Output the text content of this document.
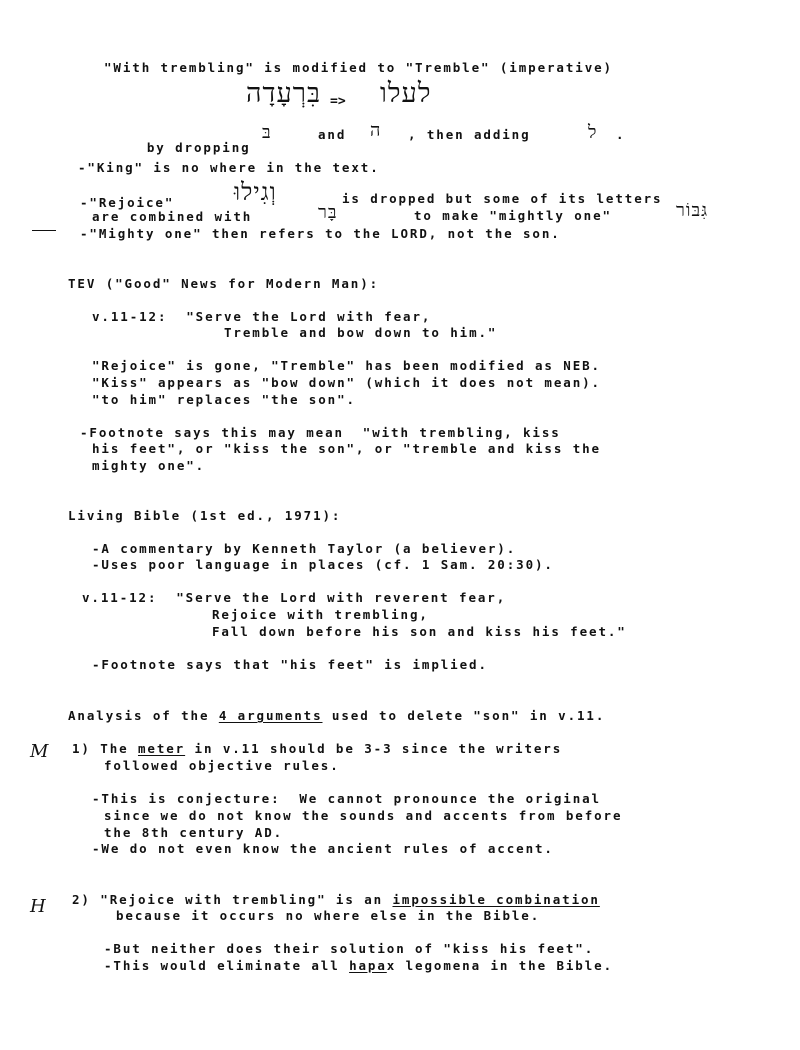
"With trembling" is modified to "Tremble" (imperative)
בִּרְעָדָה => לעלו

by dropping

בּ	and ה , then adding	ל .
-"King" is no where in the text.
-"Rejoice" וְגִילוּ	is dropped but some of its letters
are combined with	בָּר	to make "mightly one"	גִּבּוֹר
-"Mighty one" then refers to the LORD, not the son.
TEV ("Good" News for Modern Man):
v.11-12:  "Serve the Lord with fear,
Tremble and bow down to him."
"Rejoice" is gone, "Tremble" has been modified as NEB.
"Kiss" appears as "bow down" (which it does not mean).
"to him" replaces "the son".
-Footnote says this may mean  "with trembling, kiss
his feet", or "kiss the son", or "tremble and kiss the
mighty one".
Living Bible (1st ed., 1971):
-A commentary by Kenneth Taylor (a believer).
-Uses poor language in places (cf. 1 Sam. 20:30).
v.11-12:  "Serve the Lord with reverent fear,
Rejoice with trembling,
Fall down before his son and kiss his feet."
-Footnote says that "his feet" is implied.
Analysis of the 4 arguments used to delete "son" in v.11.
M 1) The meter in v.11 should be 3-3 since the writers
followed objective rules.
-This is conjecture:  We cannot pronounce the original
since we do not know the sounds and accents from before
the 8th century AD.
-We do not even know the ancient rules of accent.
H 2) "Rejoice with trembling" is an impossible combination
because it occurs no where else in the Bible.
-But neither does their solution of "kiss his feet".
-This would eliminate all hapax legomena in the Bible.
